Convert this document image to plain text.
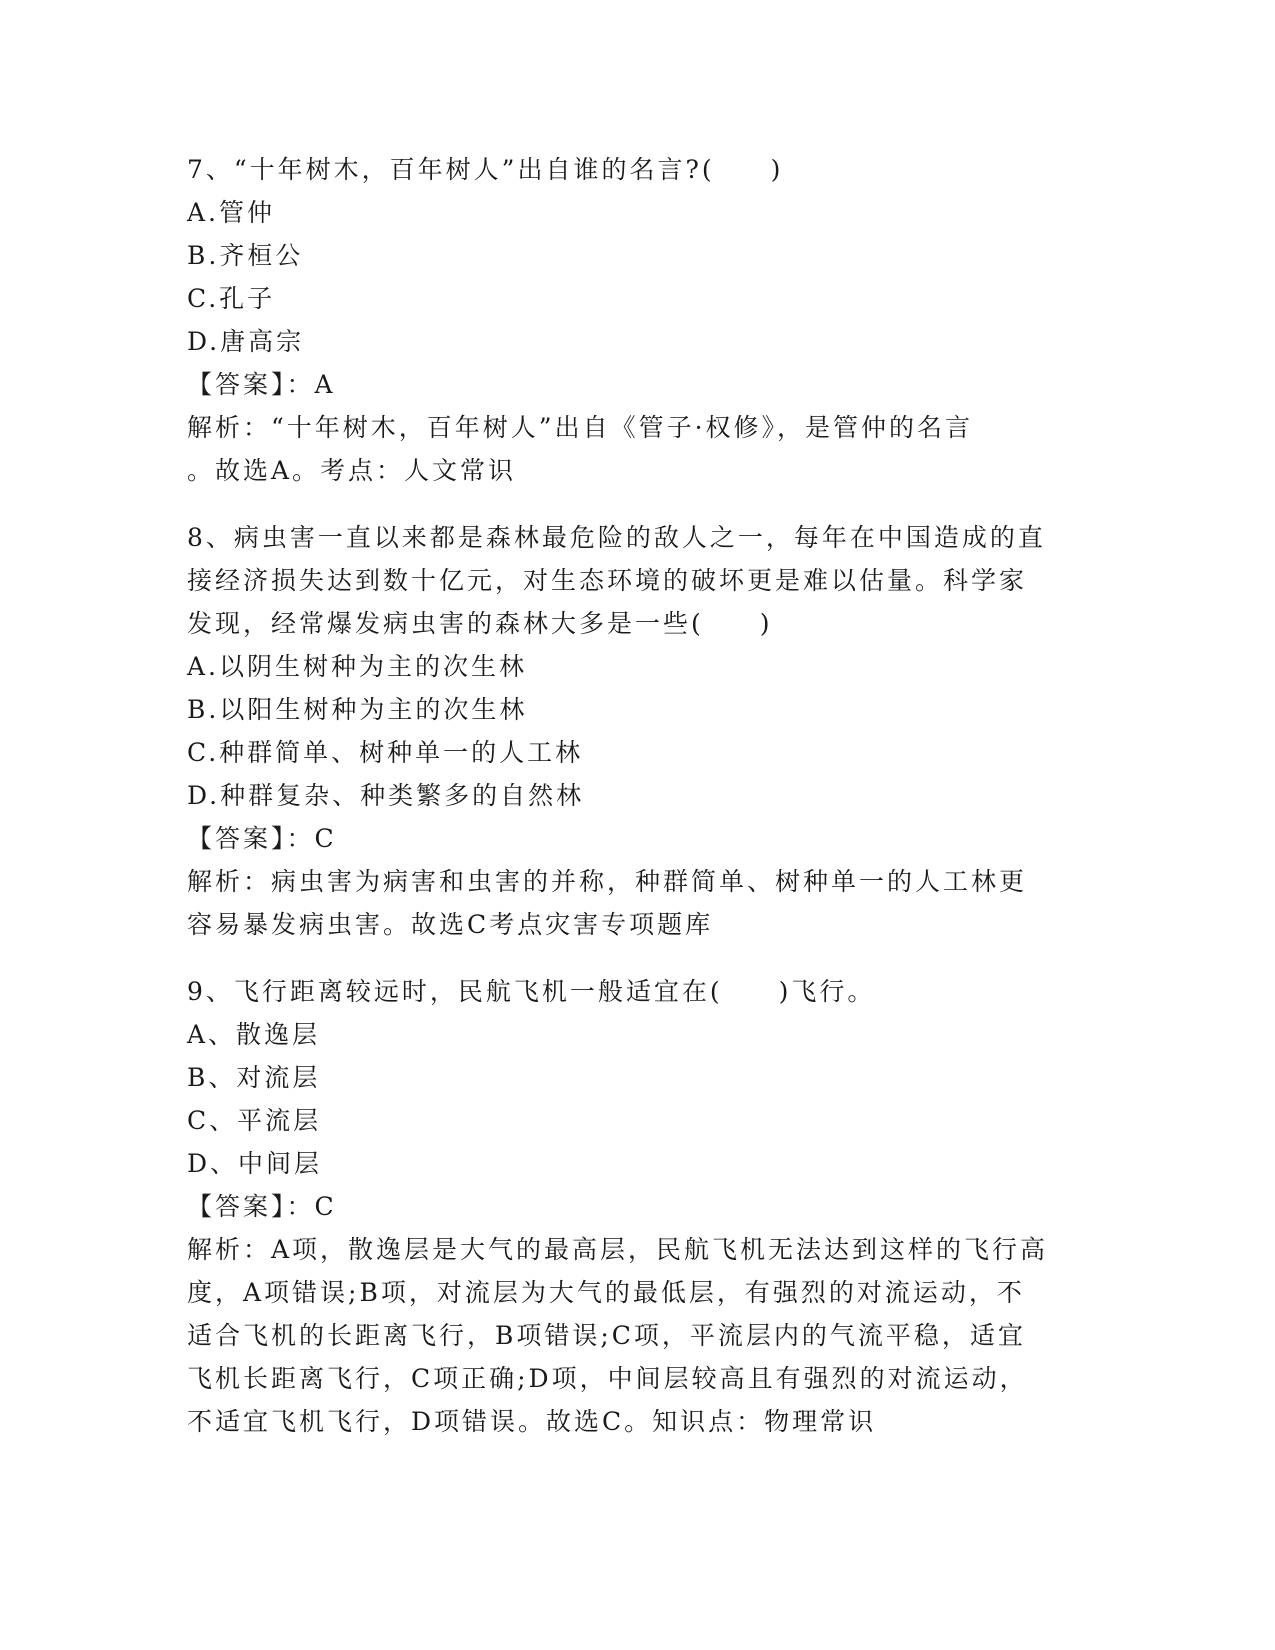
7、“十年树木，百年树人”出自谁的名言?(　　)
A.管仲
B.齐桓公
C.孔子
D.唐高宗
【答案】：A
解析：“十年树木，百年树人”出自《管子·权修》，是管仲的名言
。故选A。考点：人文常识
8、病虫害一直以来都是森林最危险的敌人之一，每年在中国造成的直
接经济损失达到数十亿元，对生态环境的破坏更是难以估量。科学家
发现，经常爆发病虫害的森林大多是一些(　　)
A.以阴生树种为主的次生林
B.以阳生树种为主的次生林
C.种群简单、树种单一的人工林
D.种群复杂、种类繁多的自然林
【答案】：C
解析：病虫害为病害和虫害的并称，种群简单、树种单一的人工林更
容易暴发病虫害。故选C考点灾害专项题库
9、飞行距离较远时，民航飞机一般适宜在(　　)飞行。
A、散逸层
B、对流层
C、平流层
D、中间层
【答案】：C
解析：A项，散逸层是大气的最高层，民航飞机无法达到这样的飞行高
度，A项错误;B项，对流层为大气的最低层，有强烈的对流运动，不
适合飞机的长距离飞行，B项错误;C项，平流层内的气流平稳，适宜
飞机长距离飞行，C项正确;D项，中间层较高且有强烈的对流运动，
不适宜飞机飞行，D项错误。故选C。知识点：物理常识
